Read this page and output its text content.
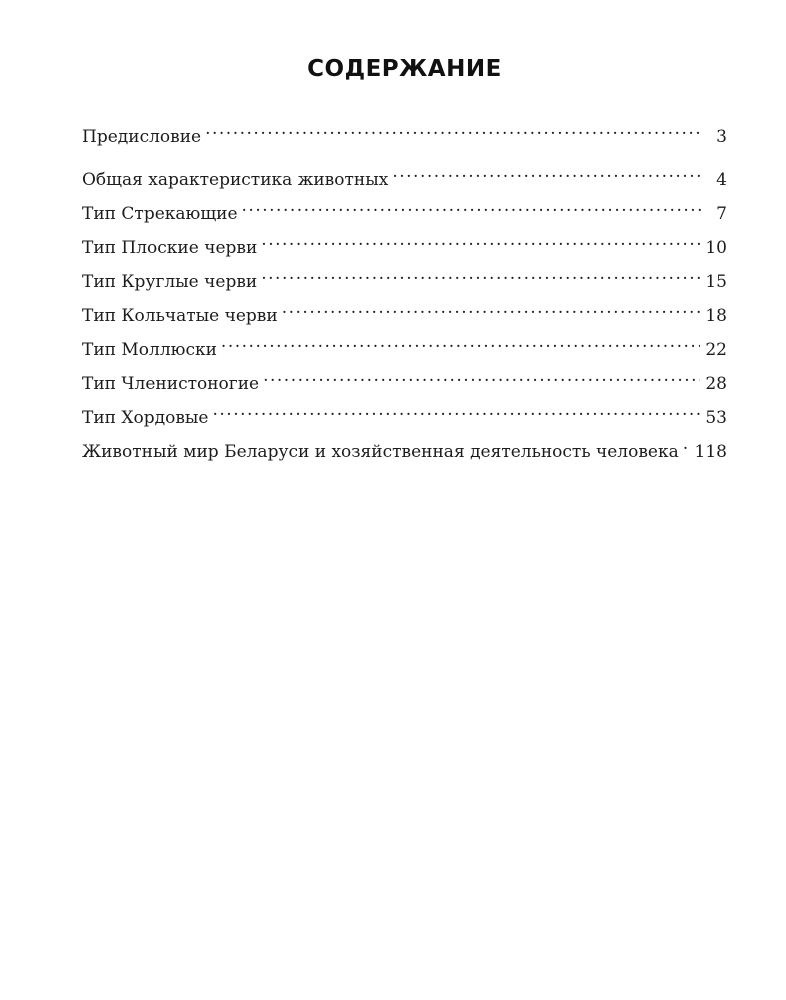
СОДЕРЖАНИЕ
Предисловие .....	3
Общая характеристика животных .....	4
Тип Стрекающие .....	7
Тип Плоские черви .....	10
Тип Круглые черви .....	15
Тип Кольчатые черви .....	18
Тип Моллюски .....	22
Тип Членистоногие .....	28
Тип Хордовые .....	53
Животный мир Беларуси и хозяйственная деятельность человека ..... 118
